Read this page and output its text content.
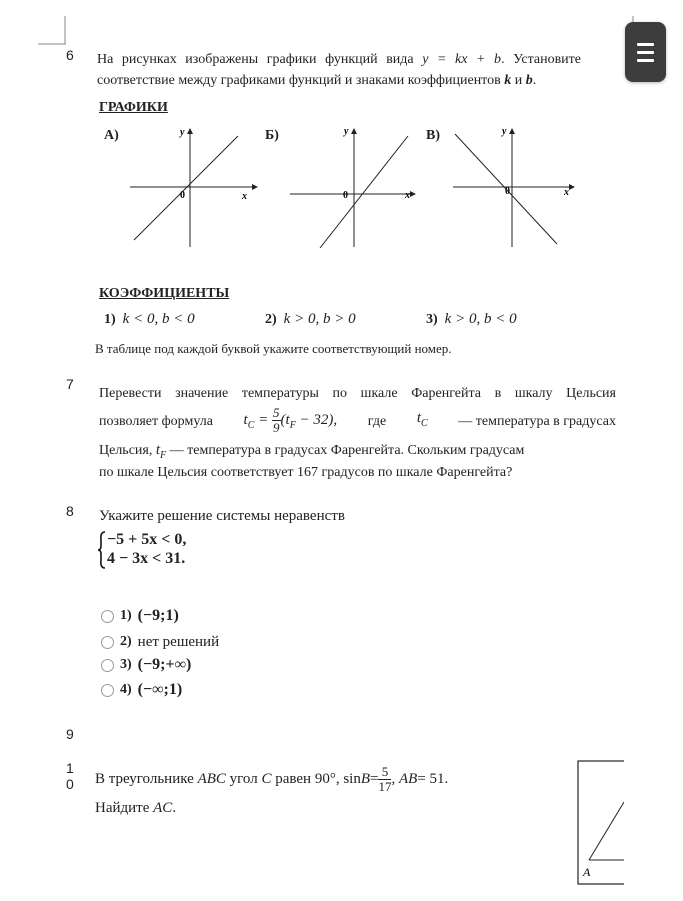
6 На рисунках изображены графики функций вида y = kx + b. Установите соответствие между графиками функций и знаками коэффициентов k и b.
ГРАФИКИ
А)	Б)	В)
x
y
0	x
y
0	x
y
0
КОЭФФИЦИЕНТЫ
1) k < 0, b < 0	2) k > 0, b > 0	3) k > 0, b < 0
В таблице под каждой буквой укажите соответствующий номер.
7
Перевести значение температуры по шкале Фаренгейта в шкалу Цельсия
позволяет формула $t_C = \frac{5}{9} (t_F - 32)$, где $t_C$ — температура в градусах
Цельсия, $t_F$ — температура в градусах Фаренгейта. Скольким градусам
по шкале Цельсия соответствует 167 градусов по шкале Фаренгейта?
8 Укажите решение системы неравенств
−5 + 5x < 0,
4 − 3x < 31.
1) (−9;1)
2) нет решений
3) (−9;+∞)
4) (−∞;1)
9
1
0 В треугольнике
ABC
угол
C
равен 90°, $\sin B = \frac{5}{17}$ ,
AB = 51.
Найдите AC.
A
